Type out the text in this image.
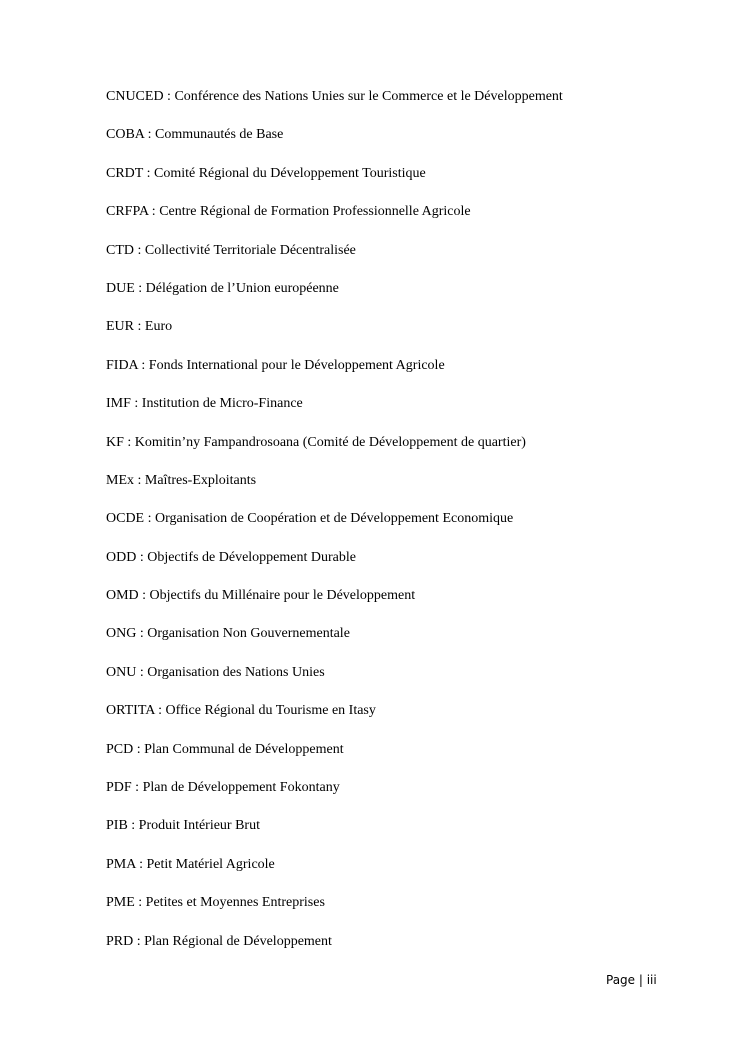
CNUCED : Conférence des Nations Unies sur le Commerce et le Développement
COBA : Communautés de Base
CRDT : Comité Régional du Développement Touristique
CRFPA : Centre Régional de Formation Professionnelle Agricole
CTD : Collectivité Territoriale Décentralisée
DUE : Délégation de l’Union européenne
EUR : Euro
FIDA : Fonds International pour le Développement Agricole
IMF : Institution de Micro-Finance
KF : Komitin’ny Fampandrosoana (Comité de Développement de quartier)
MEx : Maîtres-Exploitants
OCDE : Organisation de Coopération et de Développement Economique
ODD : Objectifs de Développement Durable
OMD : Objectifs du Millénaire pour le Développement
ONG : Organisation Non Gouvernementale
ONU : Organisation des Nations Unies
ORTITA : Office Régional du Tourisme en Itasy
PCD : Plan Communal de Développement
PDF : Plan de Développement Fokontany
PIB : Produit Intérieur Brut
PMA : Petit Matériel Agricole
PME : Petites et Moyennes Entreprises
PRD : Plan Régional de Développement
Page | iii
